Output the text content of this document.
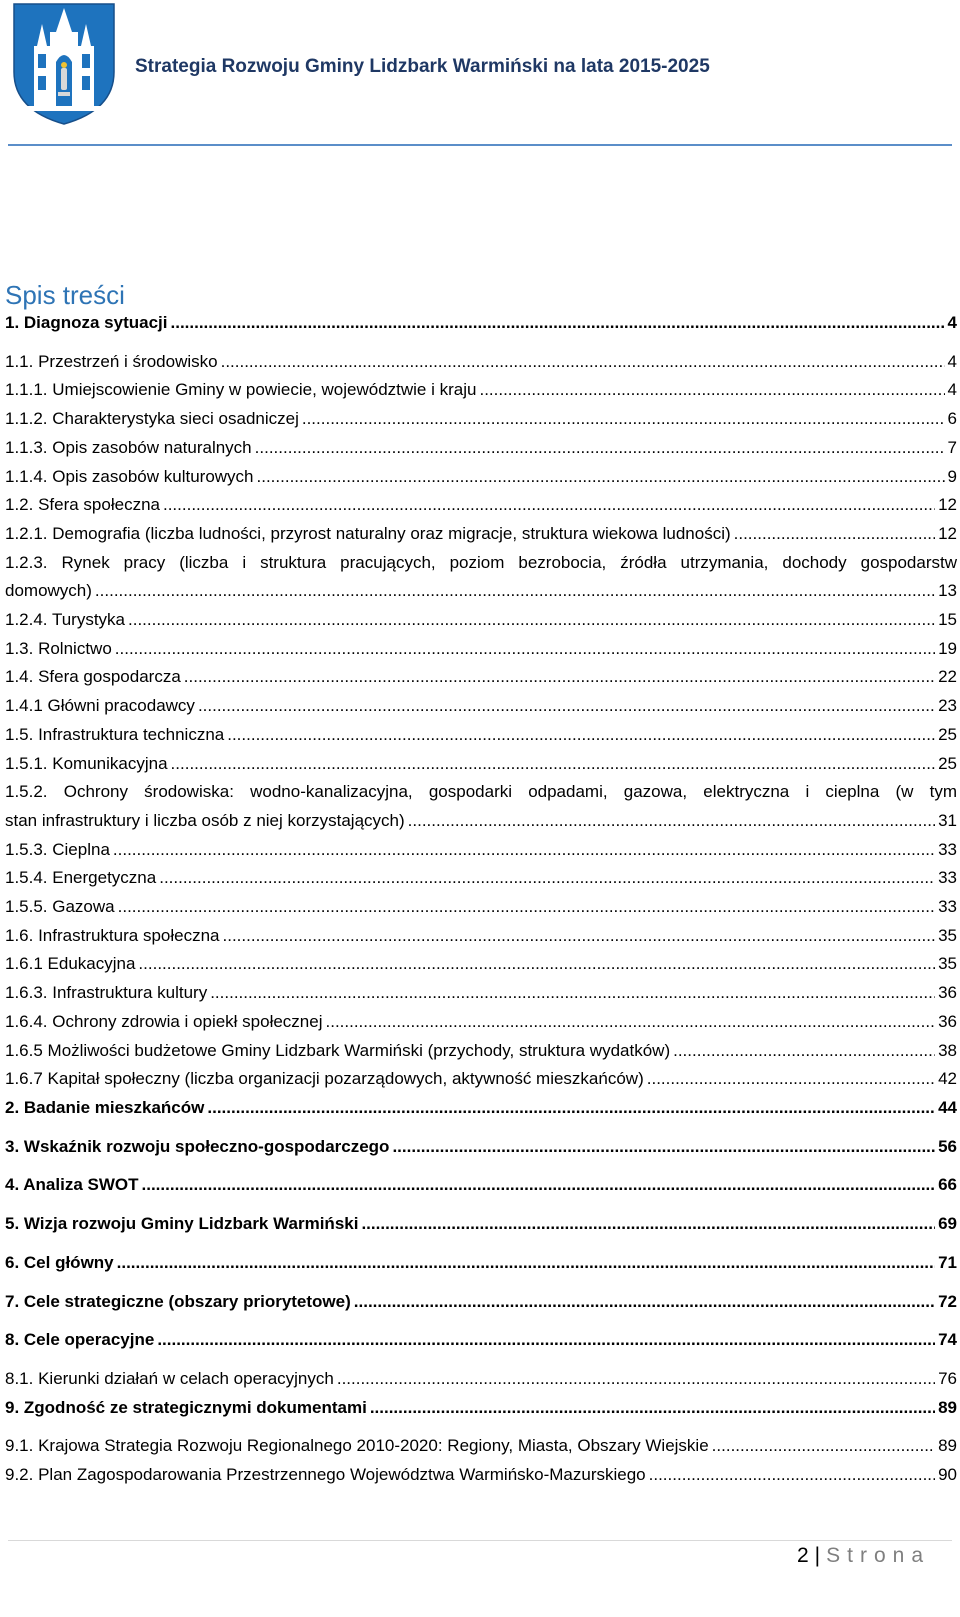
Strategia Rozwoju Gminy Lidzbark Warmiński na lata 2015-2025
Spis treści
1. Diagnoza sytuacji .....	4
1.1. Przestrzeń i środowisko .....	4
1.1.1. Umiejscowienie Gminy w powiecie, województwie i kraju .....	4
1.1.2. Charakterystyka sieci osadniczej .....	6
1.1.3. Opis zasobów naturalnych .....	7
1.1.4. Opis zasobów kulturowych .....	9
1.2. Sfera społeczna .....	12
1.2.1. Demografia (liczba ludności, przyrost naturalny oraz migracje, struktura wiekowa ludności) .....	12
1.2.3. Rynek pracy (liczba i struktura pracujących, poziom bezrobocia, źródła utrzymania, dochody gospodarstw
domowych) .....	13
1.2.4. Turystyka .....	15
1.3. Rolnictwo .....	19
1.4. Sfera gospodarcza .....	22
1.4.1 Główni pracodawcy .....	23
1.5. Infrastruktura techniczna .....	25
1.5.1. Komunikacyjna .....	25
1.5.2. Ochrony środowiska: wodno-kanalizacyjna, gospodarki odpadami, gazowa, elektryczna i cieplna (w tym
stan infrastruktury i liczba osób z niej korzystających) .....	31
1.5.3. Cieplna .....	33
1.5.4. Energetyczna .....	33
1.5.5. Gazowa .....	33
1.6. Infrastruktura społeczna .....	35
1.6.1 Edukacyjna .....	35
1.6.3. Infrastruktura kultury .....	36
1.6.4. Ochrony zdrowia i opiekł społecznej .....	36
1.6.5 Możliwości budżetowe Gminy Lidzbark Warmiński (przychody, struktura wydatków) .....	38
1.6.7 Kapitał społeczny (liczba organizacji pozarządowych, aktywność mieszkańców) .....	42
2. Badanie mieszkańców .....	44
3. Wskaźnik rozwoju społeczno-gospodarczego .....	56
4. Analiza SWOT .....	66
5. Wizja rozwoju Gminy Lidzbark Warmiński .....	69
6. Cel główny .....	71
7. Cele strategiczne (obszary priorytetowe) .....	72
8. Cele operacyjne .....	74
8.1. Kierunki działań w celach operacyjnych .....	76
9. Zgodność ze strategicznymi dokumentami .....	89
9.1. Krajowa Strategia Rozwoju Regionalnego 2010-2020: Regiony, Miasta, Obszary Wiejskie .....	89
9.2. Plan Zagospodarowania Przestrzennego Województwa Warmińsko-Mazurskiego .....	90
2 | Strona
